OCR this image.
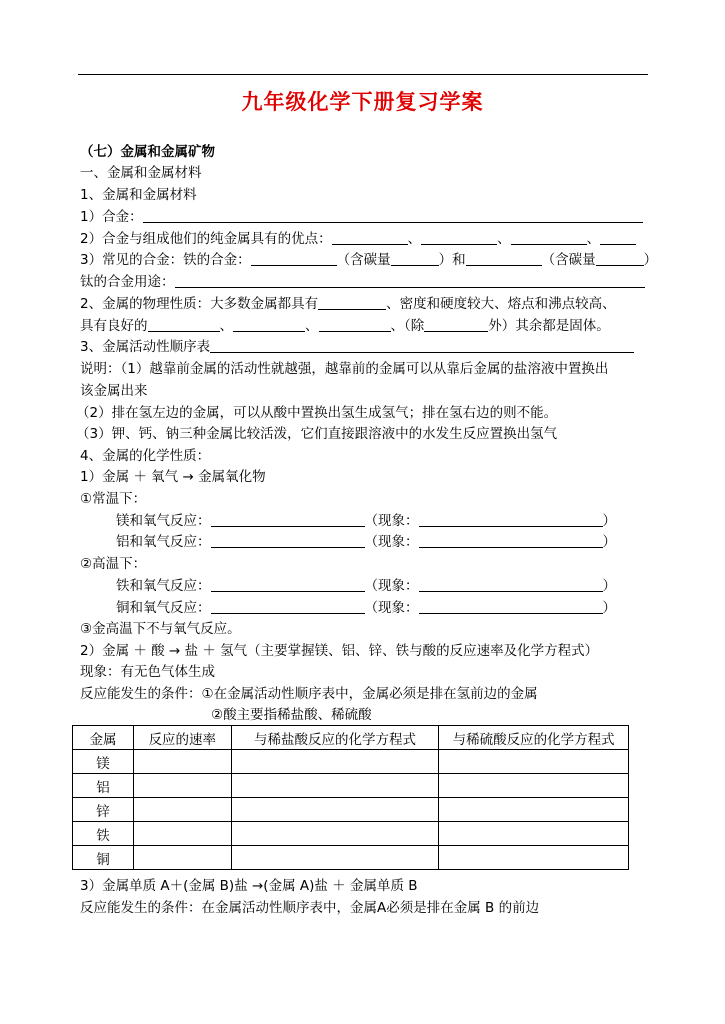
九年级化学下册复习学案
（七）金属和金属矿物
一、金属和金属材料
1、金属和金属材料
1）合金：
2）合金与组成他们的纯金属具有的优点：	、	、	、
3）常见的合金：铁的合金：	（含碳量	）和	（含碳量	）
钛的合金用途：
2、金属的物理性质：大多数金属都具有	、密度和硬度较大、熔点和沸点较高、
具有良好的	、	、	、（除	外）其余都是固体。
3、金属活动性顺序表
说明：（1）越靠前金属的活动性就越强，越靠前的金属可以从靠后金属的盐溶液中置换出
该金属出来
（2）排在氢左边的金属，可以从酸中置换出氢生成氢气；排在氢右边的则不能。
（3）钾、钙、钠三种金属比较活泼，它们直接跟溶液中的水发生反应置换出氢气
4、金属的化学性质：
1）金属 ＋ 氧气 → 金属氧化物
①常温下：
镁和氧气反应：	（现象：	）
铝和氧气反应：	（现象：	）
②高温下：
铁和氧气反应：	（现象：	）
铜和氧气反应：	（现象：	）
③金高温下不与氧气反应。
2）金属 ＋ 酸 → 盐 ＋ 氢气（主要掌握镁、铝、锌、铁与酸的反应速率及化学方程式）
现象：有无色气体生成
反应能发生的条件：①在金属活动性顺序表中，金属必须是排在氢前边的金属
②酸主要指稀盐酸、稀硫酸
金属	反应的速率	与稀盐酸反应的化学方程式	与稀硫酸反应的化学方程式
镁			
铝			
锌			
铁			
铜			
3）金属单质 A＋(金属 B)盐 →(金属 A)盐 ＋ 金属单质 B
反应能发生的条件：在金属活动性顺序表中，金属A必须是排在金属 B 的前边
